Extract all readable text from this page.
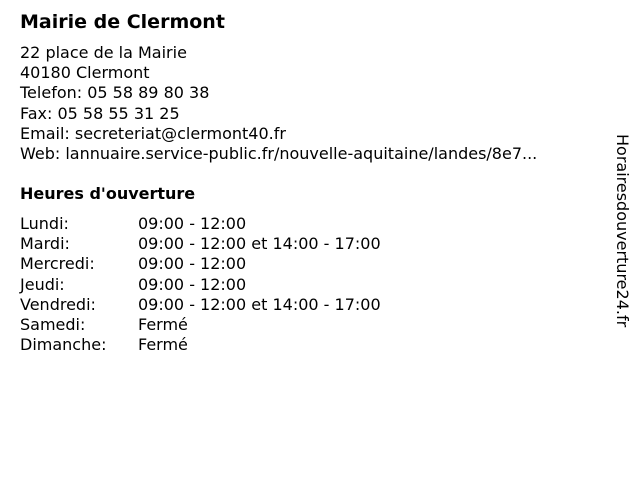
Mairie de Clermont
22 place de la Mairie
40180 Clermont
Telefon: 05 58 89 80 38
Fax: 05 58 55 31 25
Email: secreteriat@clermont40.fr
Web: lannuaire.service-public.fr/nouvelle-aquitaine/landes/8e7...
Heures d'ouverture
Lundi:	09:00 - 12:00
Mardi:	09:00 - 12:00 et 14:00 - 17:00
Mercredi:	09:00 - 12:00
Jeudi:	09:00 - 12:00
Vendredi:	09:00 - 12:00 et 14:00 - 17:00
Samedi:	Fermé
Dimanche:	Fermé
Horairesdouverture24.fr
